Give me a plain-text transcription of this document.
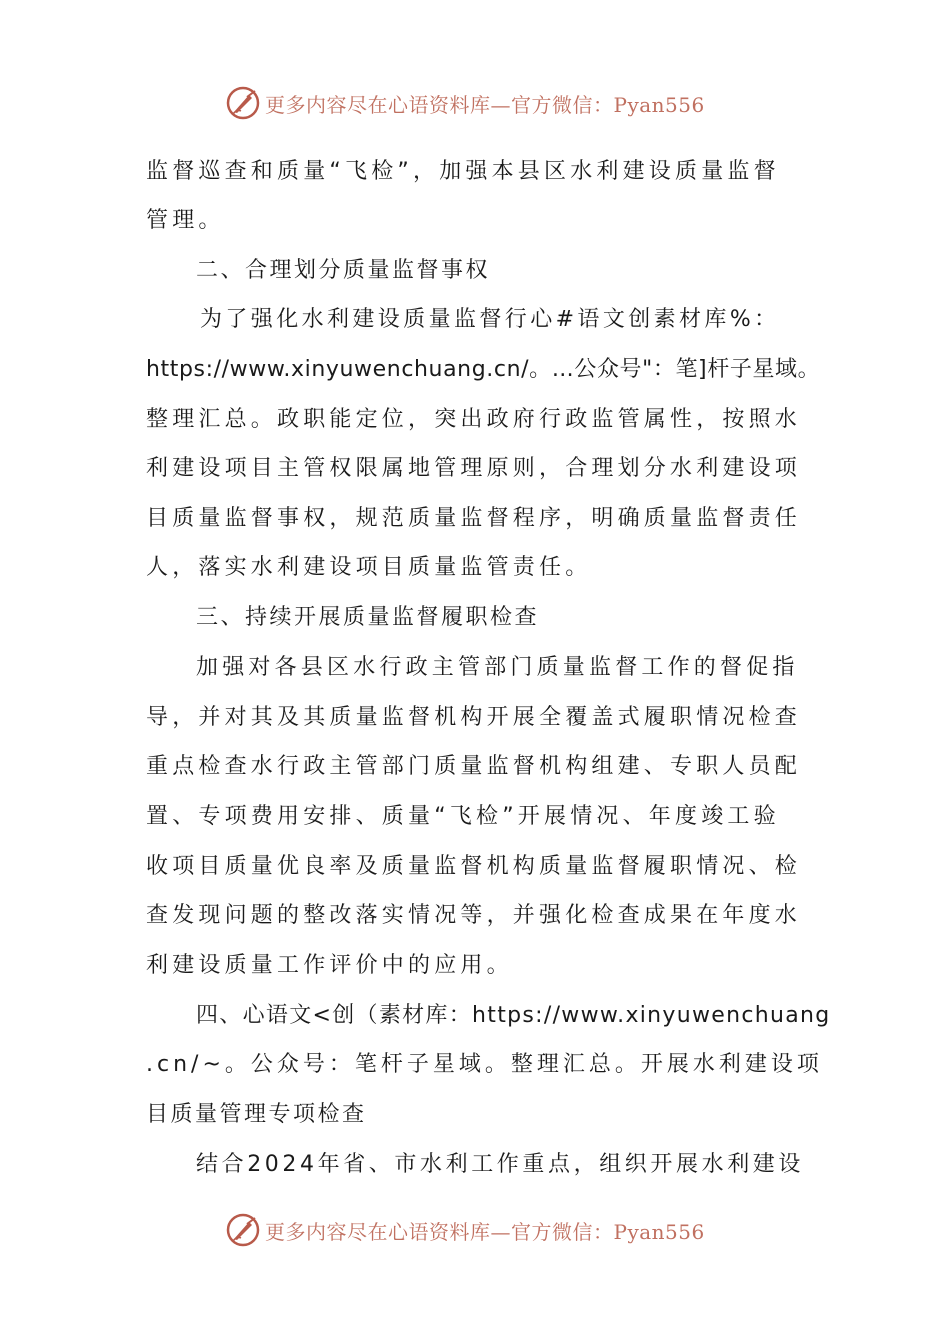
更多内容尽在心语资料库—官方微信：Pyan556
监督巡查和质量“飞检”，加强本县区水利建设质量监督
管理。
二、合理划分质量监督事权
为了强化水利建设质量监督行心#语文创素材库%：
https://www.xinyuwenchuang.cn/。…公众号"：笔]杆子星域。
整理汇总。政职能定位，突出政府行政监管属性，按照水
利建设项目主管权限属地管理原则，合理划分水利建设项
目质量监督事权，规范质量监督程序，明确质量监督责任
人，落实水利建设项目质量监管责任。
三、持续开展质量监督履职检查
加强对各县区水行政主管部门质量监督工作的督促指
导，并对其及其质量监督机构开展全覆盖式履职情况检查
重点检查水行政主管部门质量监督机构组建、专职人员配
置、专项费用安排、质量“飞检”开展情况、年度竣工验
收项目质量优良率及质量监督机构质量监督履职情况、检
查发现问题的整改落实情况等，并强化检查成果在年度水
利建设质量工作评价中的应用。
四、心语文<创（素材库：https://www.xinyuwenchuang
.cn/~。公众号：笔杆子星域。整理汇总。开展水利建设项
目质量管理专项检查
结合2024年省、市水利工作重点，组织开展水利建设
更多内容尽在心语资料库—官方微信：Pyan556
